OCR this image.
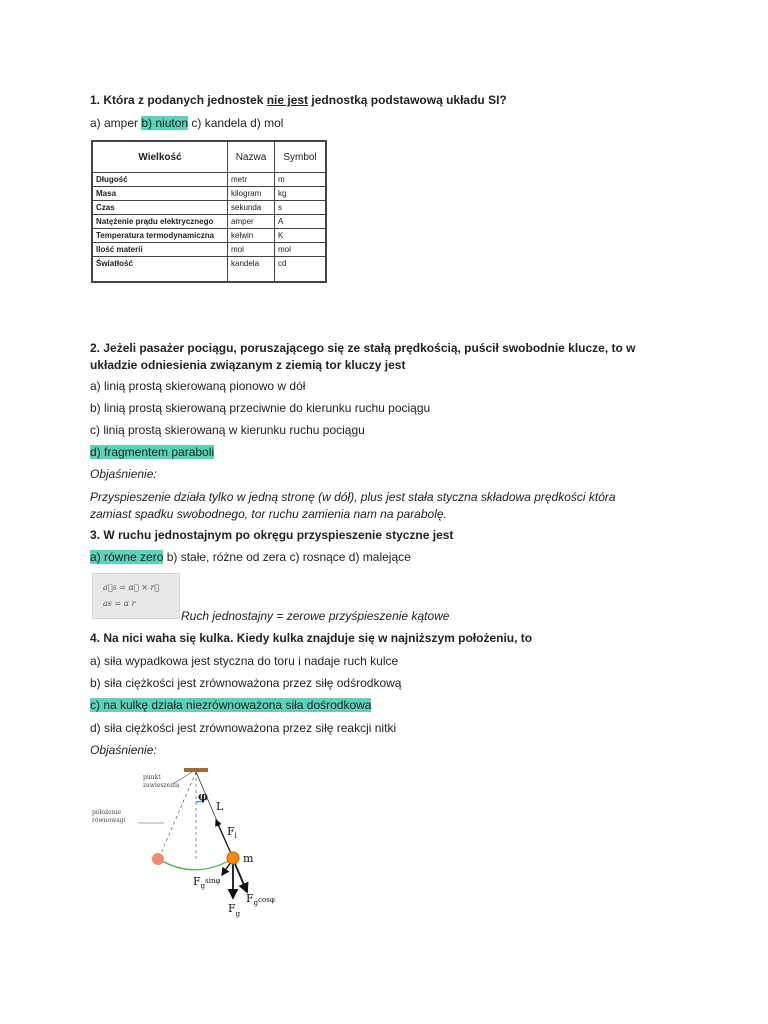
1. Która z podanych jednostek nie jest jednostką podstawową układu SI?
a) amper b) niuton c) kandela d) mol
Wielkość	Nazwa	Symbol
Długość	metr	m
Masa	kilogram	kg
Czas	sekunda	s
Natężenie prądu elektrycznego	amper	A
Temperatura termodynamiczna	kelwin	K
Ilość materii	mol	mol
Światłość	kandela	cd
2. Jeżeli pasażer pociągu, poruszającego się ze stałą prędkością, puścił swobodnie klucze, to w
układzie odniesienia związanym z ziemią tor kluczy jest
a) linią prostą skierowaną pionowo w dół
b) linią prostą skierowaną przeciwnie do kierunku ruchu pociągu
c) linią prostą skierowaną w kierunku ruchu pociągu
d) fragmentem paraboli
Objaśnienie:
Przyspieszenie działa tylko w jedną stronę (w dół), plus jest stała styczna składowa prędkości która
zamiast spadku swobodnego, tor ruchu zamienia nam na parabolę.
3. W ruchu jednostajnym po okręgu przyspieszenie styczne jest
a) równe zero b) stałe, różne od zera c) rosnące d) malejące
a⃗s = α⃗ × r⃗
as = α r
Ruch jednostajny = zerowe przyśpieszenie kątowe
4. Na nici waha się kulka. Kiedy kulka znajduje się w najniższym położeniu, to
a) siła wypadkowa jest styczna do toru i nadaje ruch kulce
b) siła ciężkości jest zrównoważona przez siłę odśrodkową
c) na kulkę działa niezrównoważona siła dośrodkowa
d) siła ciężkości jest zrównoważona przez siłę reakcji nitki
Objaśnienie:
punkt
zawieszenia
położenie
równowagi
φ
L
$F_l$
m
$F_g^{sin\varphi}$
$F_g^{cos\varphi}$
$F_g$
